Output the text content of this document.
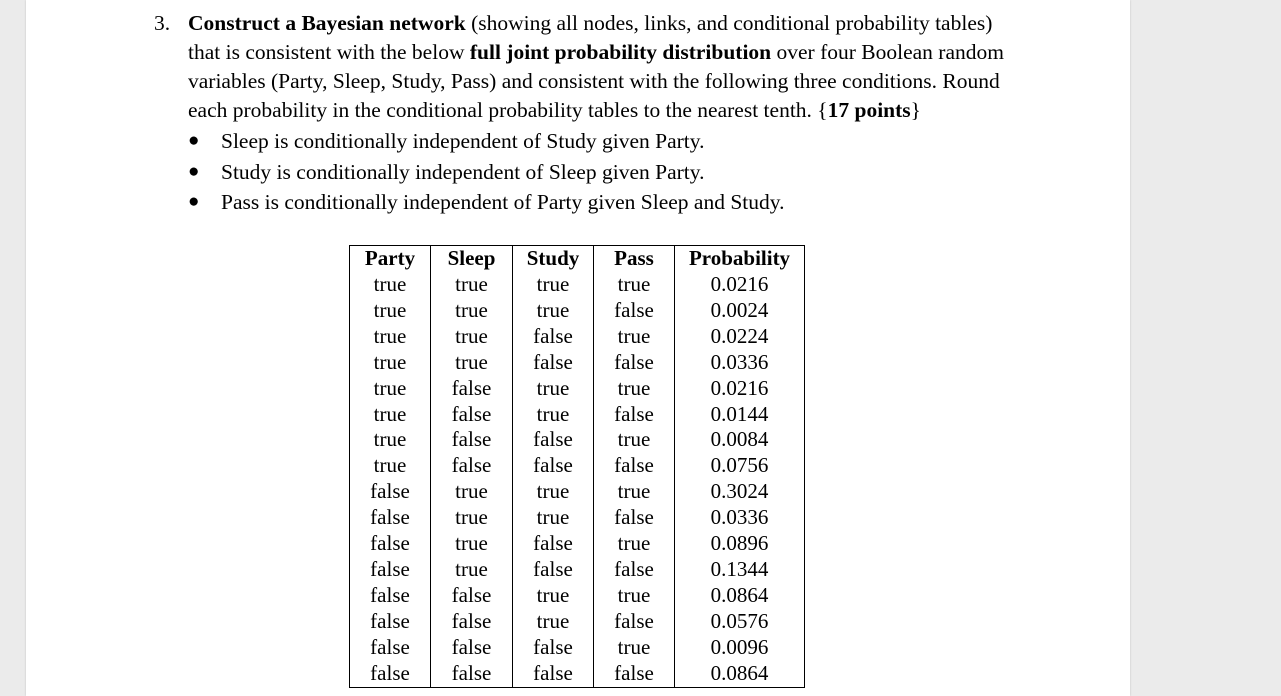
3. Construct a Bayesian network (showing all nodes, links, and conditional probability tables) that is consistent with the below full joint probability distribution over four Boolean random variables (Party, Sleep, Study, Pass) and consistent with the following three conditions. Round each probability in the conditional probability tables to the nearest tenth. {17 points}
● Sleep is conditionally independent of Study given Party.
● Study is conditionally independent of Sleep given Party.
● Pass is conditionally independent of Party given Sleep and Study.
Party	Sleep	Study	Pass	Probability
true	true	true	true	0.0216
true	true	true	false	0.0024
true	true	false	true	0.0224
true	true	false	false	0.0336
true	false	true	true	0.0216
true	false	true	false	0.0144
true	false	false	true	0.0084
true	false	false	false	0.0756
false	true	true	true	0.3024
false	true	true	false	0.0336
false	true	false	true	0.0896
false	true	false	false	0.1344
false	false	true	true	0.0864
false	false	true	false	0.0576
false	false	false	true	0.0096
false	false	false	false	0.0864
